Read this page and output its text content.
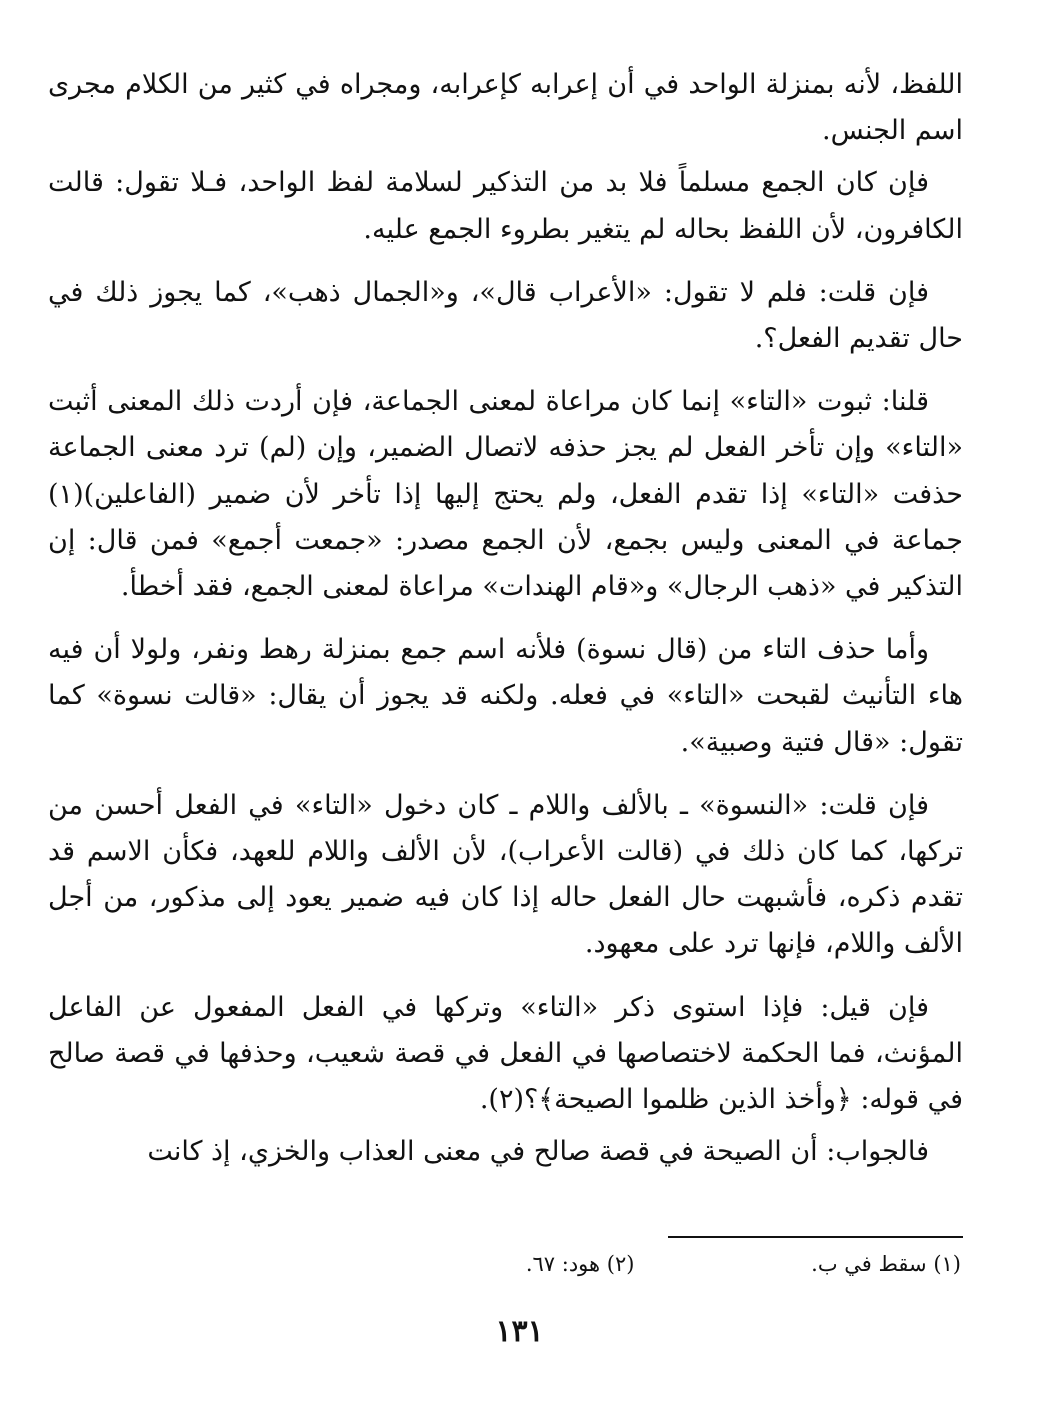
اللفظ، لأنه بمنزلة الواحد في أن إعرابه كإعرابه، ومجراه في كثير من الكلام مجرى اسم الجنس.

فإن كان الجمع مسلماً فلا بد من التذكير لسلامة لفظ الواحد، فـلا تقول: قالت الكافرون، لأن اللفظ بحاله لم يتغير بطروء الجمع عليه.

فإن قلت: فلم لا تقول: «الأعراب قال»، و«الجمال ذهب»، كما يجوز ذلك في حال تقديم الفعل؟.

قلنا: ثبوت «التاء» إنما كان مراعاة لمعنى الجماعة، فإن أردت ذلك المعنى أثبت «التاء» وإن تأخر الفعل لم يجز حذفه لاتصال الضمير، وإن (لم) ترد معنى الجماعة حذفت «التاء» إذا تقدم الفعل، ولم يحتج إليها إذا تأخر لأن ضمير (الفاعلين)(١) جماعة في المعنى وليس بجمع، لأن الجمع مصدر: «جمعت أجمع» فمن قال: إن التذكير في «ذهب الرجال» و«قام الهندات» مراعاة لمعنى الجمع، فقد أخطأ.

وأما حذف التاء من (قال نسوة) فلأنه اسم جمع بمنزلة رهط ونفر، ولولا أن فيه هاء التأنيث لقبحت «التاء» في فعله. ولكنه قد يجوز أن يقال: «قالت نسوة» كما تقول: «قال فتية وصبية».

فإن قلت: «النسوة» ـ بالألف واللام ـ كان دخول «التاء» في الفعل أحسن من تركها، كما كان ذلك في (قالت الأعراب)، لأن الألف واللام للعهد، فكأن الاسم قد تقدم ذكره، فأشبهت حال الفعل حاله إذا كان فيه ضمير يعود إلى مذكور، من أجل الألف واللام، فإنها ترد على معهود.

فإن قيل: فإذا استوى ذكر «التاء» وتركها في الفعل المفعول عن الفاعل المؤنث، فما الحكمة لاختصاصها في الفعل في قصة شعيب، وحذفها في قصة صالح في قوله: ﴿وأخذ الذين ظلموا الصيحة﴾؟(٢).

فالجواب: أن الصيحة في قصة صالح في معنى العذاب والخزي، إذ كانت

(١) سقط في ب. (٢) هود: ٦٧.
١٣١
